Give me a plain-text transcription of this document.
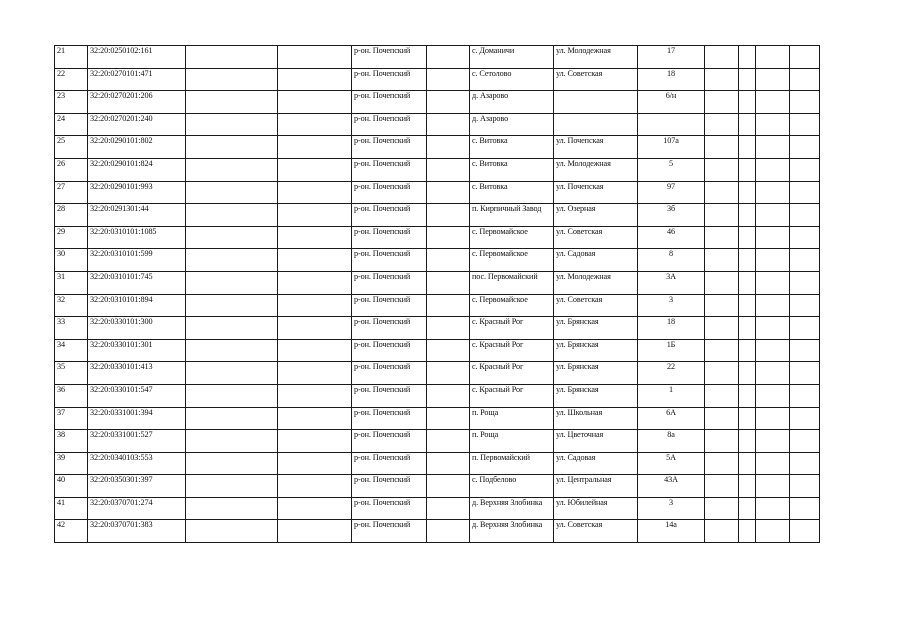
21	32:20:0250102:161			р-он. Почепский		с. Доманичи	ул. Молодежная	17				
22	32:20:0270101:471			р-он. Почепский		с. Сетолово	ул. Советская	18				
23	32:20:0270201:206			р-он. Почепский		д. Азарово		6/н				
24	32:20:0270201:240			р-он. Почепский		д. Азарово						
25	32:20:0290101:802			р-он. Почепский		с. Витовка	ул. Почепская	107а				
26	32:20:0290101:824			р-он. Почепский		с. Витовка	ул. Молодежная	5				
27	32:20:0290101:993			р-он. Почепский		с. Витовка	ул. Почепская	97				
28	32:20:0291301:44			р-он. Почепский		п. Кирпичный Завод	ул. Озерная	3б				
29	32:20:0310101:1085			р-он. Почепский		с. Первомайское	ул. Советская	46				
30	32:20:0310101:599			р-он. Почепский		с. Первомайское	ул. Садовая	8				
31	32:20:0310101:745			р-он. Почепский		пос. Первомайский	ул. Молодежная	3А				
32	32:20:0310101:894			р-он. Почепский		с. Первомайское	ул. Советская	3				
33	32:20:0330101:300			р-он. Почепский		с. Красный Рог	ул. Брянская	18				
34	32:20:0330101:301			р-он. Почепский		с. Красный Рог	ул. Брянская	1Б				
35	32:20:0330101:413			р-он. Почепский		с. Красный Рог	ул. Брянская	22				
36	32:20:0330101:547			р-он. Почепский		с. Красный Рог	ул. Брянская	1				
37	32:20:0331001:394			р-он. Почепский		п. Роща	ул. Школьная	6А				
38	32:20:0331001:527			р-он. Почепский		п. Роща	ул. Цветочная	8а				
39	32:20:0340103:553			р-он. Почепский		п. Первомайский	ул. Садовая	5А				
40	32:20:0350301:397			р-он. Почепский		с. Подбелово	ул. Центральная	43А				
41	32:20:0370701:274			р-он. Почепский		д. Верхняя Злобинка	ул. Юбилейная	3				
42	32:20:0370701:383			р-он. Почепский		д. Верхняя Злобинка	ул. Советская	14а				
